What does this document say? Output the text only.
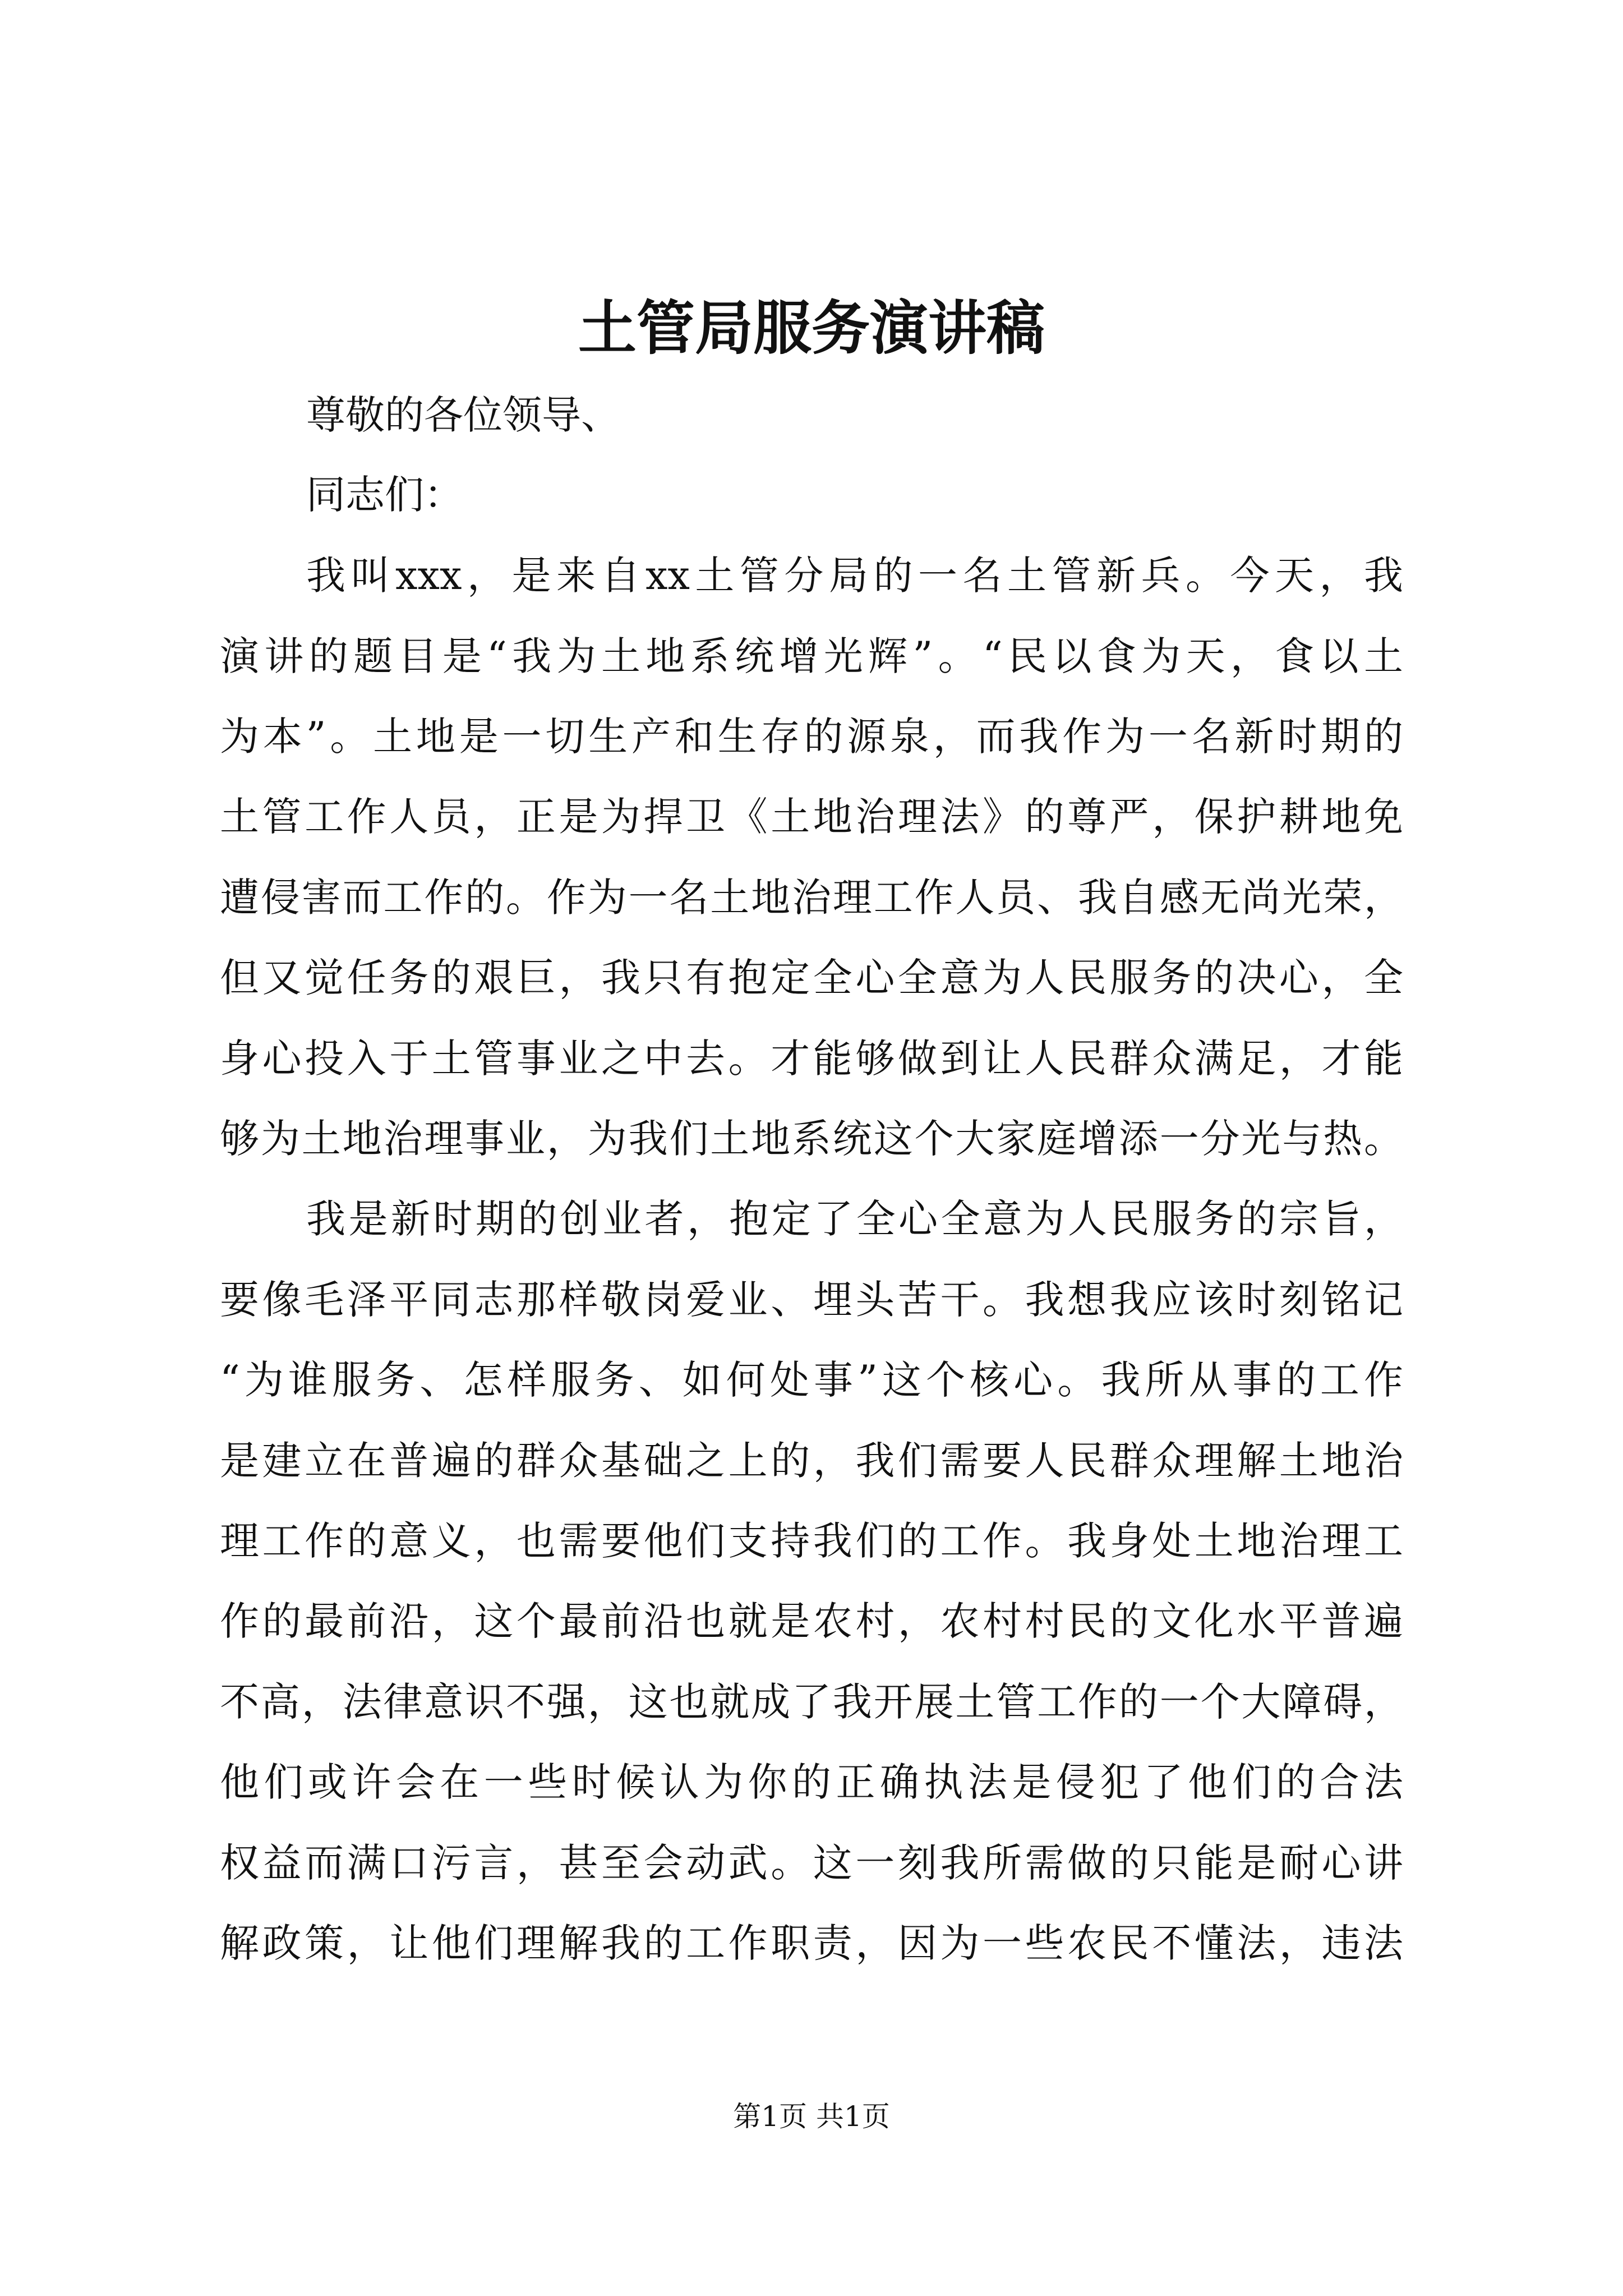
土管局服务演讲稿
尊敬的各位领导、
同志们：
我叫xxx，是来自xx土管分局的一名土管新兵。今天，我
演讲的题目是“我为土地系统增光辉”。“民以食为天，食以土
为本”。土地是一切生产和生存的源泉，而我作为一名新时期的
土管工作人员，正是为捍卫《土地治理法》的尊严，保护耕地免
遭侵害而工作的。作为一名土地治理工作人员、我自感无尚光荣，
但又觉任务的艰巨，我只有抱定全心全意为人民服务的决心，全
身心投入于土管事业之中去。才能够做到让人民群众满足，才能
够为土地治理事业，为我们土地系统这个大家庭增添一分光与热。
我是新时期的创业者，抱定了全心全意为人民服务的宗旨，
要像毛泽平同志那样敬岗爱业、埋头苦干。我想我应该时刻铭记
“为谁服务、怎样服务、如何处事”这个核心。我所从事的工作
是建立在普遍的群众基础之上的，我们需要人民群众理解土地治
理工作的意义，也需要他们支持我们的工作。我身处土地治理工
作的最前沿，这个最前沿也就是农村，农村村民的文化水平普遍
不高，法律意识不强，这也就成了我开展土管工作的一个大障碍，
他们或许会在一些时候认为你的正确执法是侵犯了他们的合法
权益而满口污言，甚至会动武。这一刻我所需做的只能是耐心讲
解政策，让他们理解我的工作职责，因为一些农民不懂法，违法
第1页 共1页
